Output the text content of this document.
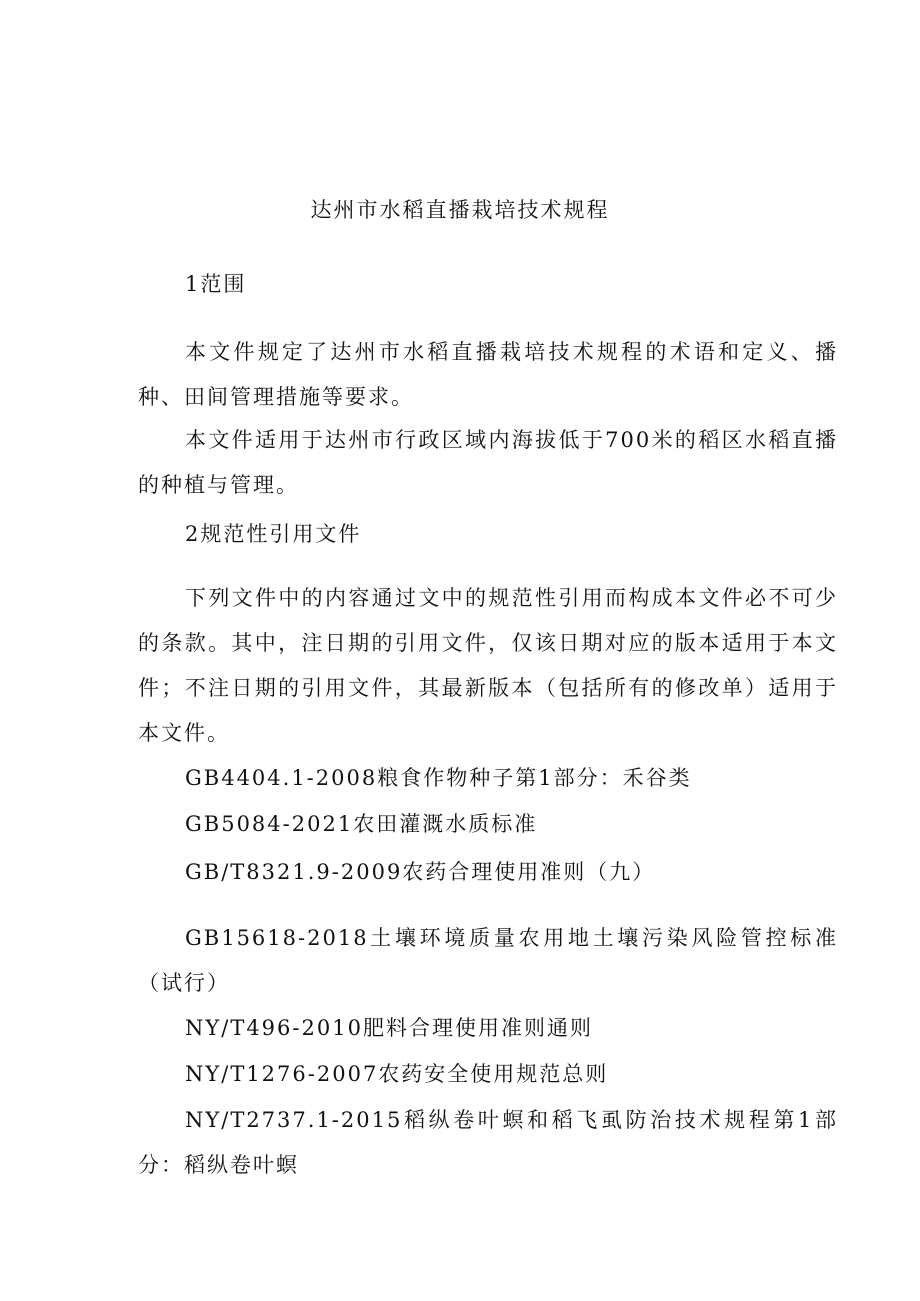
达州市水稻直播栽培技术规程
1范围

本文件规定了达州市水稻直播栽培技术规程的术语和定义、播种、田间管理措施等要求。

本文件适用于达州市行政区域内海拔低于700米的稻区水稻直播的种植与管理。

2规范性引用文件

下列文件中的内容通过文中的规范性引用而构成本文件必不可少的条款。其中，注日期的引用文件，仅该日期对应的版本适用于本文件；不注日期的引用文件，其最新版本（包括所有的修改单）适用于本文件。

GB4404.1-2008粮食作物种子第1部分：禾谷类

GB5084-2021农田灌溉水质标准

GB/T8321.9-2009农药合理使用准则（九）

GB15618-2018土壤环境质量农用地土壤污染风险管控标准（试行）

NY/T496-2010肥料合理使用准则通则

NY/T1276-2007农药安全使用规范总则

NY/T2737.1-2015稻纵卷叶螟和稻飞虱防治技术规程第1部分：稻纵卷叶螟
